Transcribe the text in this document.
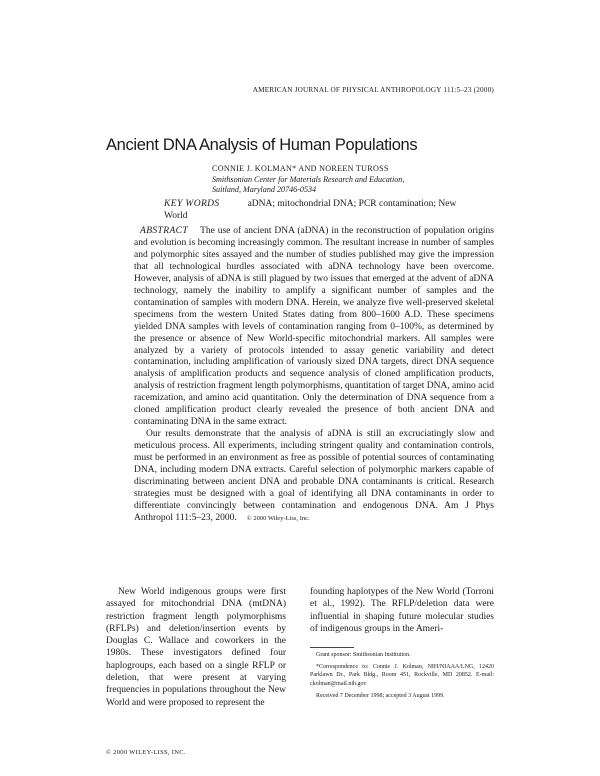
AMERICAN JOURNAL OF PHYSICAL ANTHROPOLOGY 111:5–23 (2000)
Ancient DNA Analysis of Human Populations
CONNIE J. KOLMAN* AND NOREEN TUROSS
Smithsonian Center for Materials Research and Education,
Suitland, Maryland 20746-0534
KEY WORDS	aDNA; mitochondrial DNA; PCR contamination; New World

ABSTRACT The use of ancient DNA (aDNA) in the reconstruction of population origins and evolution is becoming increasingly common. The resultant increase in number of samples and polymorphic sites assayed and the number of studies published may give the impression that all technological hurdles associated with aDNA technology have been overcome. However, analysis of aDNA is still plagued by two issues that emerged at the advent of aDNA technology, namely the inability to amplify a significant number of samples and the contamination of samples with modern DNA. Herein, we analyze five well-preserved skeletal specimens from the western United States dating from 800–1600 A.D. These specimens yielded DNA samples with levels of contamination ranging from 0–100%, as determined by the presence or absence of New World-specific mitochondrial markers. All samples were analyzed by a variety of protocols intended to assay genetic variability and detect contamination, including amplification of variously sized DNA targets, direct DNA sequence analysis of amplification products and sequence analysis of cloned amplification products, analysis of restriction fragment length polymorphisms, quantitation of target DNA, amino acid racemization, and amino acid quantitation. Only the determination of DNA sequence from a cloned amplification product clearly revealed the presence of both ancient DNA and contaminating DNA in the same extract.

Our results demonstrate that the analysis of aDNA is still an excruciatingly slow and meticulous process. All experiments, including stringent quality and contamination controls, must be performed in an environment as free as possible of potential sources of contaminating DNA, including modern DNA extracts. Careful selection of polymorphic markers capable of discriminating between ancient DNA and probable DNA contaminants is critical. Research strategies must be designed with a goal of identifying all DNA contaminants in order to differentiate convincingly between contamination and endogenous DNA. Am J Phys Anthropol 111:5–23, 2000. © 2000 Wiley-Liss, Inc.

New World indigenous groups were first assayed for mitochondrial DNA (mtDNA) restriction fragment length polymorphisms (RFLPs) and deletion/insertion events by Douglas C. Wallace and coworkers in the 1980s. These investigators defined four haplogroups, each based on a single RFLP or deletion, that were present at varying frequencies in populations throughout the New World and were proposed to represent the

founding haplotypes of the New World (Torroni et al., 1992). The RFLP/deletion data were influential in shaping future molecular studies of indigenous groups in the Ameri-

Grant sponsor: Smithsonian Institution.

*Correspondence to: Connie J. Kolman, NIH/NIAAA/LNG, 12420 Parklawn Dr., Park Bldg., Room 451, Rockville, MD 20852. E-mail: ckolman@mail.nih.gov

Received 7 December 1998; accepted 3 August 1999.

© 2000 WILEY-LISS, INC.
